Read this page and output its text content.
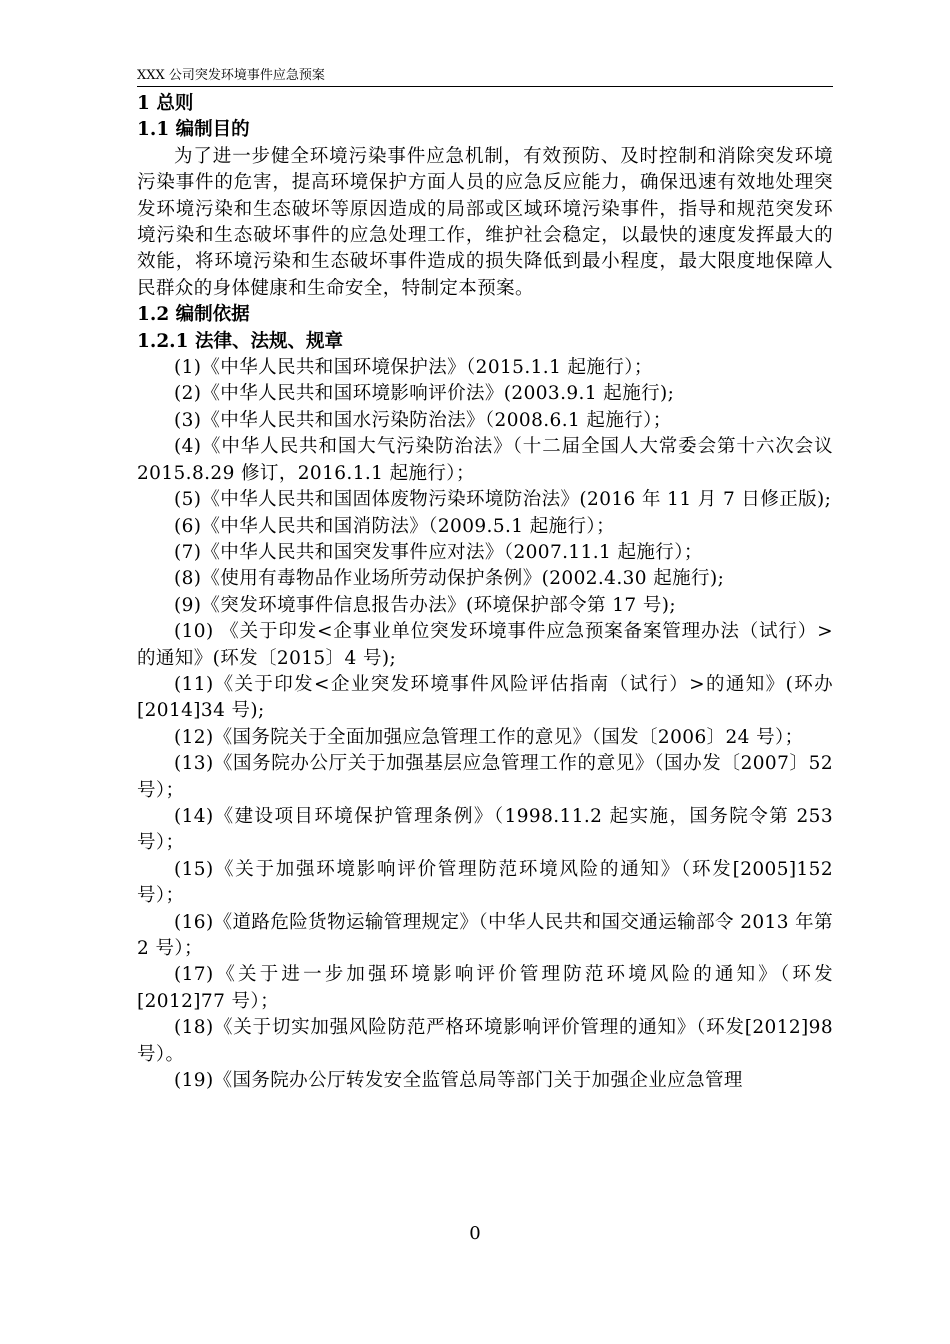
XXX 公司突发环境事件应急预案

1 总则

1.1 编制目的

为了进一步健全环境污染事件应急机制，有效预防、及时控制和消除突发环境污染事件的危害，提高环境保护方面人员的应急反应能力，确保迅速有效地处理突发环境污染和生态破坏等原因造成的局部或区域环境污染事件，指导和规范突发环境污染和生态破坏事件的应急处理工作，维护社会稳定，以最快的速度发挥最大的效能，将环境污染和生态破坏事件造成的损失降低到最小程度，最大限度地保障人民群众的身体健康和生命安全，特制定本预案。

1.2 编制依据

1.2.1 法律、法规、规章

(1)《中华人民共和国环境保护法》（2015.1.1 起施行）；

(2)《中华人民共和国环境影响评价法》(2003.9.1 起施行);

(3)《中华人民共和国水污染防治法》（2008.6.1 起施行）；

(4)《中华人民共和国大气污染防治法》（十二届全国人大常委会第十六次会议 2015.8.29 修订，2016.1.1 起施行）；

(5)《中华人民共和国固体废物污染环境防治法》(2016 年 11 月 7 日修正版);

(6)《中华人民共和国消防法》（2009.5.1 起施行）；

(7)《中华人民共和国突发事件应对法》（2007.11.1 起施行）；

(8)《使用有毒物品作业场所劳动保护条例》(2002.4.30 起施行);

(9)《突发环境事件信息报告办法》(环境保护部令第 17 号);

(10) 《关于印发<企事业单位突发环境事件应急预案备案管理办法（试行）>的通知》(环发〔2015〕4 号);

(11)《关于印发<企业突发环境事件风险评估指南（试行）>的通知》(环办[2014]34 号);

(12)《国务院关于全面加强应急管理工作的意见》（国发〔2006〕24 号）；

(13)《国务院办公厅关于加强基层应急管理工作的意见》（国办发〔2007〕52 号）；

(14)《建设项目环境保护管理条例》（1998.11.2 起实施，国务院令第 253 号）；

(15)《关于加强环境影响评价管理防范环境风险的通知》（环发[2005]152 号）；

(16)《道路危险货物运输管理规定》（中华人民共和国交通运输部令 2013 年第 2 号）；

(17)《关于进一步加强环境影响评价管理防范环境风险的通知》（环发[2012]77 号）；

(18)《关于切实加强风险防范严格环境影响评价管理的通知》（环发[2012]98 号）。

(19)《国务院办公厅转发安全监管总局等部门关于加强企业应急管理

0
